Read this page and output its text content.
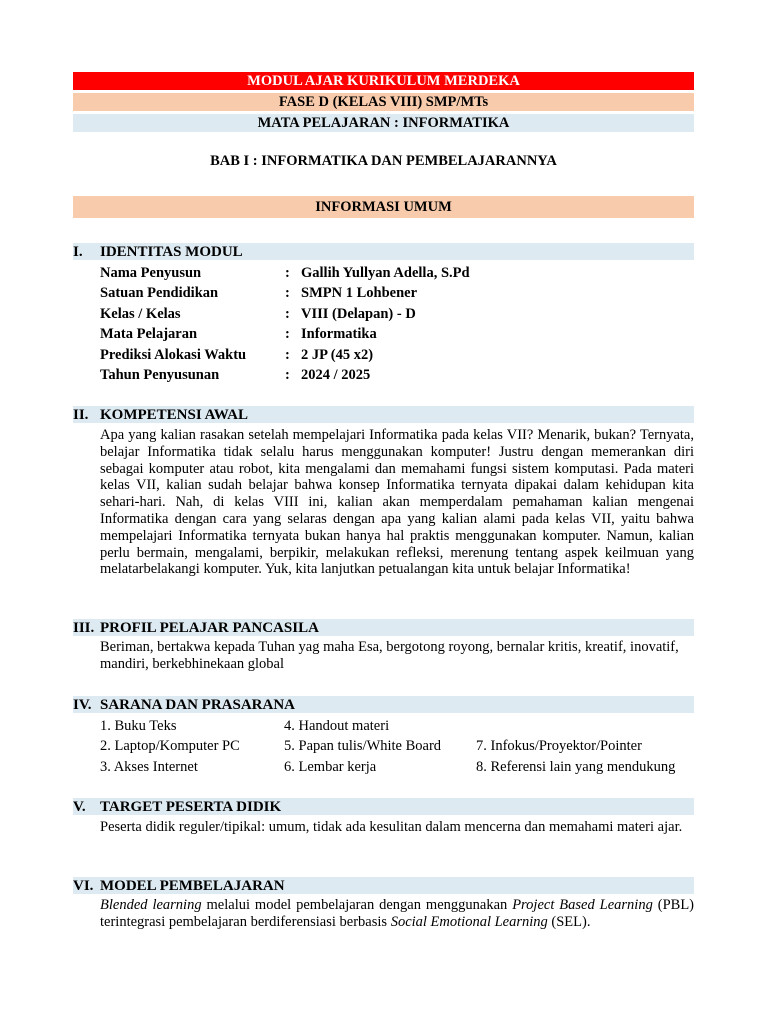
MODUL AJAR KURIKULUM MERDEKA
FASE D (KELAS VIII) SMP/MTs
MATA PELAJARAN : INFORMATIKA
BAB I : INFORMATIKA DAN PEMBELAJARANNYA
INFORMASI UMUM
I. IDENTITAS MODUL
Nama Penyusun	: Gallih Yullyan Adella, S.Pd
Satuan Pendidikan	: SMPN 1 Lohbener
Kelas / Kelas	: VIII (Delapan) - D
Mata Pelajaran	: Informatika
Prediksi Alokasi Waktu	: 2 JP (45 x2)
Tahun Penyusunan	: 2024 / 2025
II. KOMPETENSI AWAL
Apa yang kalian rasakan setelah mempelajari Informatika pada kelas VII? Menarik, bukan? Ternyata, belajar Informatika tidak selalu harus menggunakan komputer! Justru dengan memerankan diri sebagai komputer atau robot, kita mengalami dan memahami fungsi sistem komputasi. Pada materi kelas VII, kalian sudah belajar bahwa konsep Informatika ternyata dipakai dalam kehidupan kita sehari-hari. Nah, di kelas VIII ini, kalian akan memperdalam pemahaman kalian mengenai Informatika dengan cara yang selaras dengan apa yang kalian alami pada kelas VII, yaitu bahwa mempelajari Informatika ternyata bukan hanya hal praktis menggunakan komputer. Namun, kalian perlu bermain, mengalami, berpikir, melakukan refleksi, merenung tentang aspek keilmuan yang melatarbelakangi komputer. Yuk, kita lanjutkan petualangan kita untuk belajar Informatika!
III. PROFIL PELAJAR PANCASILA
Beriman, bertakwa kepada Tuhan yag maha Esa, bergotong royong, bernalar kritis, kreatif, inovatif, mandiri, berkebhinekaan global
IV. SARANA DAN PRASARANA
1. Buku Teks
2. Laptop/Komputer PC
3. Akses Internet
4. Handout materi
5. Papan tulis/White Board
6. Lembar kerja
7. Infokus/Proyektor/Pointer
8. Referensi lain yang mendukung
V. TARGET PESERTA DIDIK
Peserta didik reguler/tipikal: umum, tidak ada kesulitan dalam mencerna dan memahami materi ajar.
VI. MODEL PEMBELAJARAN
Blended learning melalui model pembelajaran dengan menggunakan Project Based Learning (PBL) terintegrasi pembelajaran berdiferensiasi berbasis Social Emotional Learning (SEL).
